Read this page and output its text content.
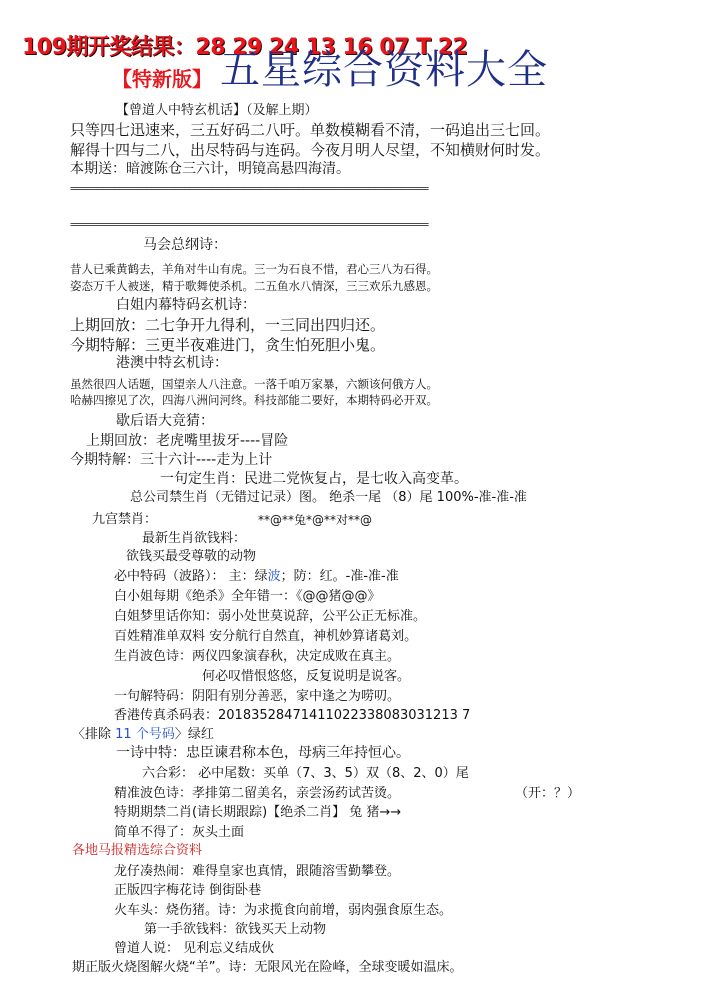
109期开奖结果：28 29 24 13 16 07 T 22
【特新版】 五星综合资料大全
【曾道人中特玄机话】（及解上期）
只等四七迅速来，三五好码二八吁。单数模糊看不清，一码追出三七回。
解得十四与二八，出尽特码与连码。今夜月明人尽望，不知横财何时发。
本期送：暗渡陈仓三六计，明镜高悬四海清。
==================================================================
==================================================================
马会总纲诗：
昔人已乘黄鹤去，羊角对牛山有虎。三一为石良不惜，君心三八为石得。
姿态万千人被迷，精于歌舞使杀机。二五鱼水八情深，三三欢乐九感恩。
白姐内幕特码玄机诗：
上期回放：二七争开九得利，一三同出四归还。
今期特解：三更半夜难进门，贪生怕死胆小鬼。
港澳中特玄机诗：
虽然很四人话题，国望亲人八注意。一落千咱万家暴，六额该何俄方人。
哈赫四擦见了次，四海八洲问河终。科技部能二要好，本期特码必开双。
歇后语大竞猜：
上期回放：老虎嘴里拔牙----冒险
今期特解：三十六计----走为上计
一句定生肖：民进二党恢复占，是七收入高变革。
总公司禁生肖（无错过记录）图。 绝杀一尾 （8）尾 100%-准-准-准
九宫禁肖：	**@**兔*@**对**@
最新生肖欲钱料：
欲钱买最受尊敬的动物
必中特码（波路）： 主：绿波；防：红。-准-准-准
白小姐每期《绝杀》全年错一：《@@猪@@》
白姐梦里话你知：弱小处世莫说辞，公平公正无标准。
百姓精准单双料 安分航行自然直，神机妙算诸葛刘。
生肖波色诗：两仪四象演春秋，决定成败在真主。
何必叹惜恨悠悠，反复说明是说客。
一句解特码：阴阳有别分善恶，家中逢之为唠叨。
香港传真杀码表：20183528471411022338083031213 7
〈排除 11 个号码〉绿红
一诗中特：忠臣谏君称本色，母病三年持恒心。
六合彩： 必中尾数：买单（7、3、5）双（8、2、0）尾
精准波色诗：孝排第二留美名，亲尝汤药试苦烫。	（开：？）
特期期禁二肖(请长期跟踪)【绝杀二肖】 兔 猪→→
简单不得了：灰头土面
各地马报精选综合资料
龙仔凑热闹：难得皇家也真情，跟随溶雪勤攀登。
正版四字梅花诗 倒街卧巷
火车头：烧伤猪。诗：为求揽食向前增，弱肉强食原生态。
第一手欲钱料：欲钱买天上动物
曾道人说： 见利忘义结成伙
期正版火烧图解火烧“羊”。诗：无限风光在险峰，全球变暖如温床。
